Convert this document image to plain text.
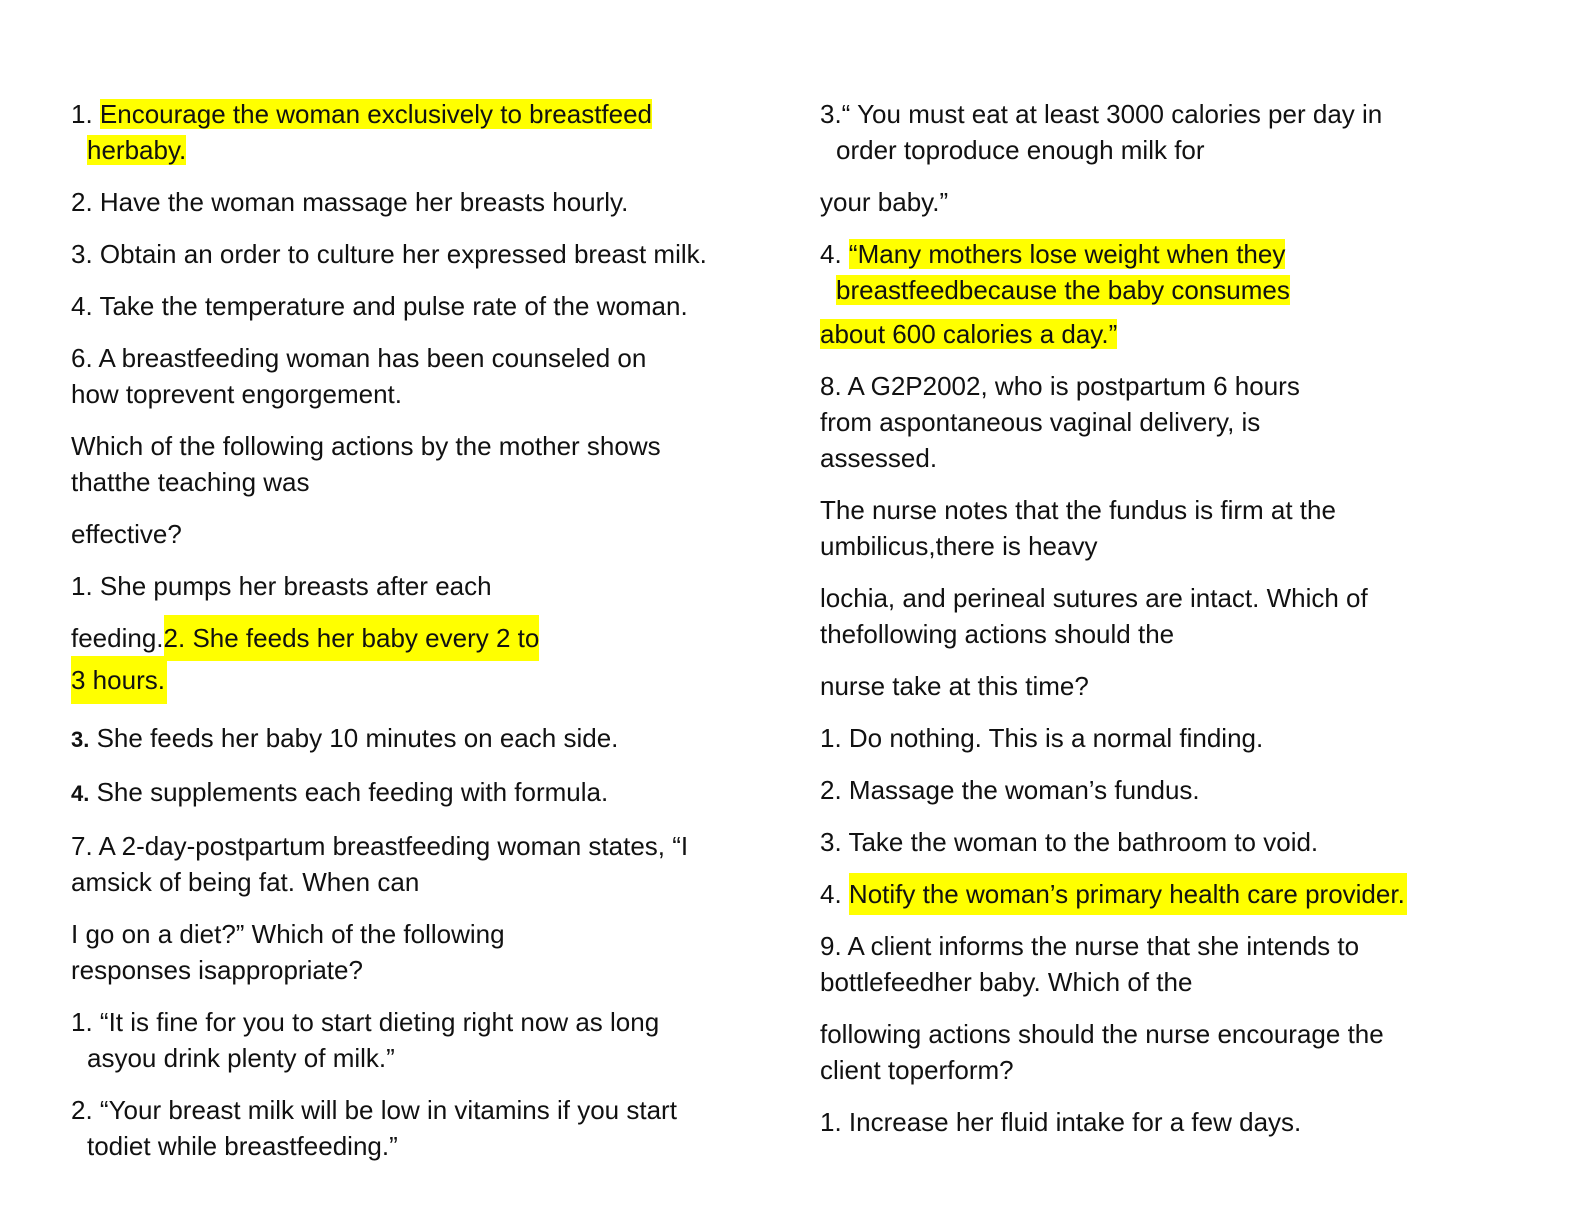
1. Encourage the woman exclusively to breastfeed
herbaby.
2. Have the woman massage her breasts hourly.
3. Obtain an order to culture her expressed breast milk.
4. Take the temperature and pulse rate of the woman.
6. A breastfeeding woman has been counseled on
how toprevent engorgement.
Which of the following actions by the mother shows
thatthe teaching was
effective?
1. She pumps her breasts after each
feeding.2. She feeds her baby every 2 to
3 hours.
3. She feeds her baby 10 minutes on each side.
4. She supplements each feeding with formula.
7. A 2-day-postpartum breastfeeding woman states, “I
amsick of being fat. When can
I go on a diet?” Which of the following
responses isappropriate?
1. “It is fine for you to start dieting right now as long
asyou drink plenty of milk.”
2. “Your breast milk will be low in vitamins if you start
todiet while breastfeeding.”
3.“ You must eat at least 3000 calories per day in
order toproduce enough milk for
your baby.”
4. “Many mothers lose weight when they
breastfeedbecause the baby consumes
about 600 calories a day.”
8. A G2P2002, who is postpartum 6 hours
from aspontaneous vaginal delivery, is
assessed.
The nurse notes that the fundus is firm at the
umbilicus,there is heavy
lochia, and perineal sutures are intact. Which of
thefollowing actions should the
nurse take at this time?
1. Do nothing. This is a normal finding.
2. Massage the woman’s fundus.
3. Take the woman to the bathroom to void.
4. Notify the woman’s primary health care provider.
9. A client informs the nurse that she intends to
bottlefeedher baby. Which of the
following actions should the nurse encourage the
client toperform?
1. Increase her fluid intake for a few days.
